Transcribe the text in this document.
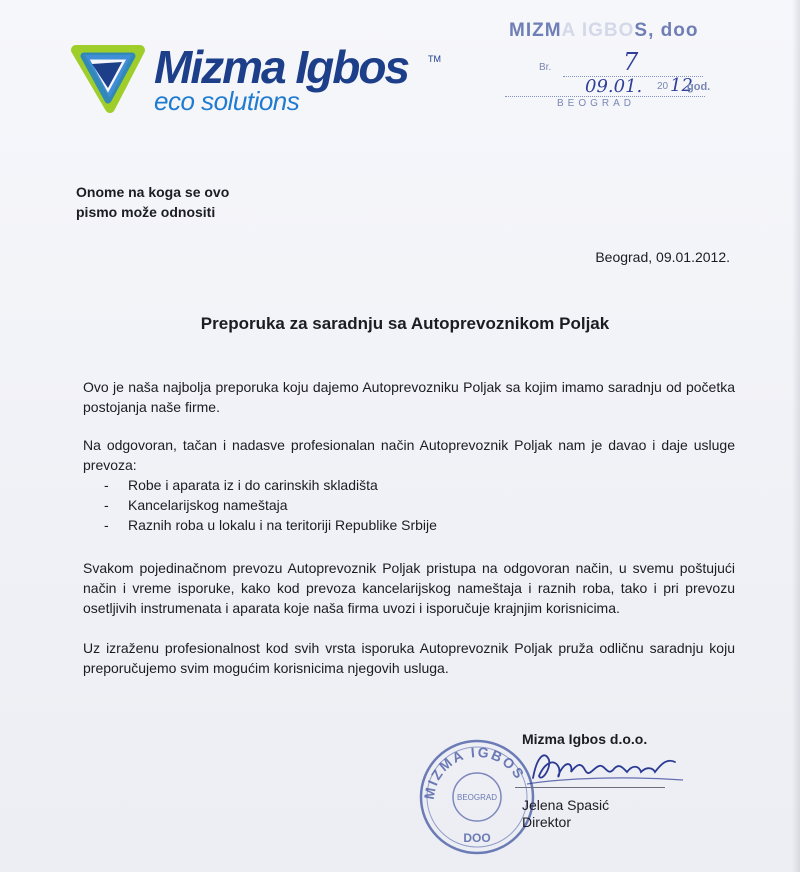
Mizma Igbos TM
eco solutions
MIZMA IGBOS, doo
Br.	7
09.01. 20 12
god.
BEOGRAD
Onome na koga se ovo
pismo može odnositi
Beograd, 09.01.2012.
Preporuka za saradnju sa Autoprevoznikom Poljak
Ovo je naša najbolja preporuka koju dajemo Autoprevozniku Poljak sa kojim imamo saradnju od početka postojanja naše firme.
Na odgovoran, tačan i nadasve profesionalan način Autoprevoznik Poljak nam je davao i daje usluge prevoza:
- Robe i aparata iz i do carinskih skladišta
- Kancelarijskog nameštaja
- Raznih roba u lokalu i na teritoriji Republike Srbije
Svakom pojedinačnom prevozu Autoprevoznik Poljak pristupa na odgovoran način, u svemu poštujući način i vreme isporuke, kako kod prevoza kancelarijskog nameštaja i raznih roba, tako i pri prevozu osetljivih instrumenata i aparata koje naša firma uvozi i isporučuje krajnjim korisnicima.
Uz izraženu profesionalnost kod svih vrsta isporuka Autoprevoznik Poljak pruža odličnu saradnju koju preporučujemo svim mogućim korisnicima njegovih usluga.
MIZMA IGBOS
BEOGRAD
DOO
Mizma Igbos d.o.o.
Jelena Spasić
Direktor
